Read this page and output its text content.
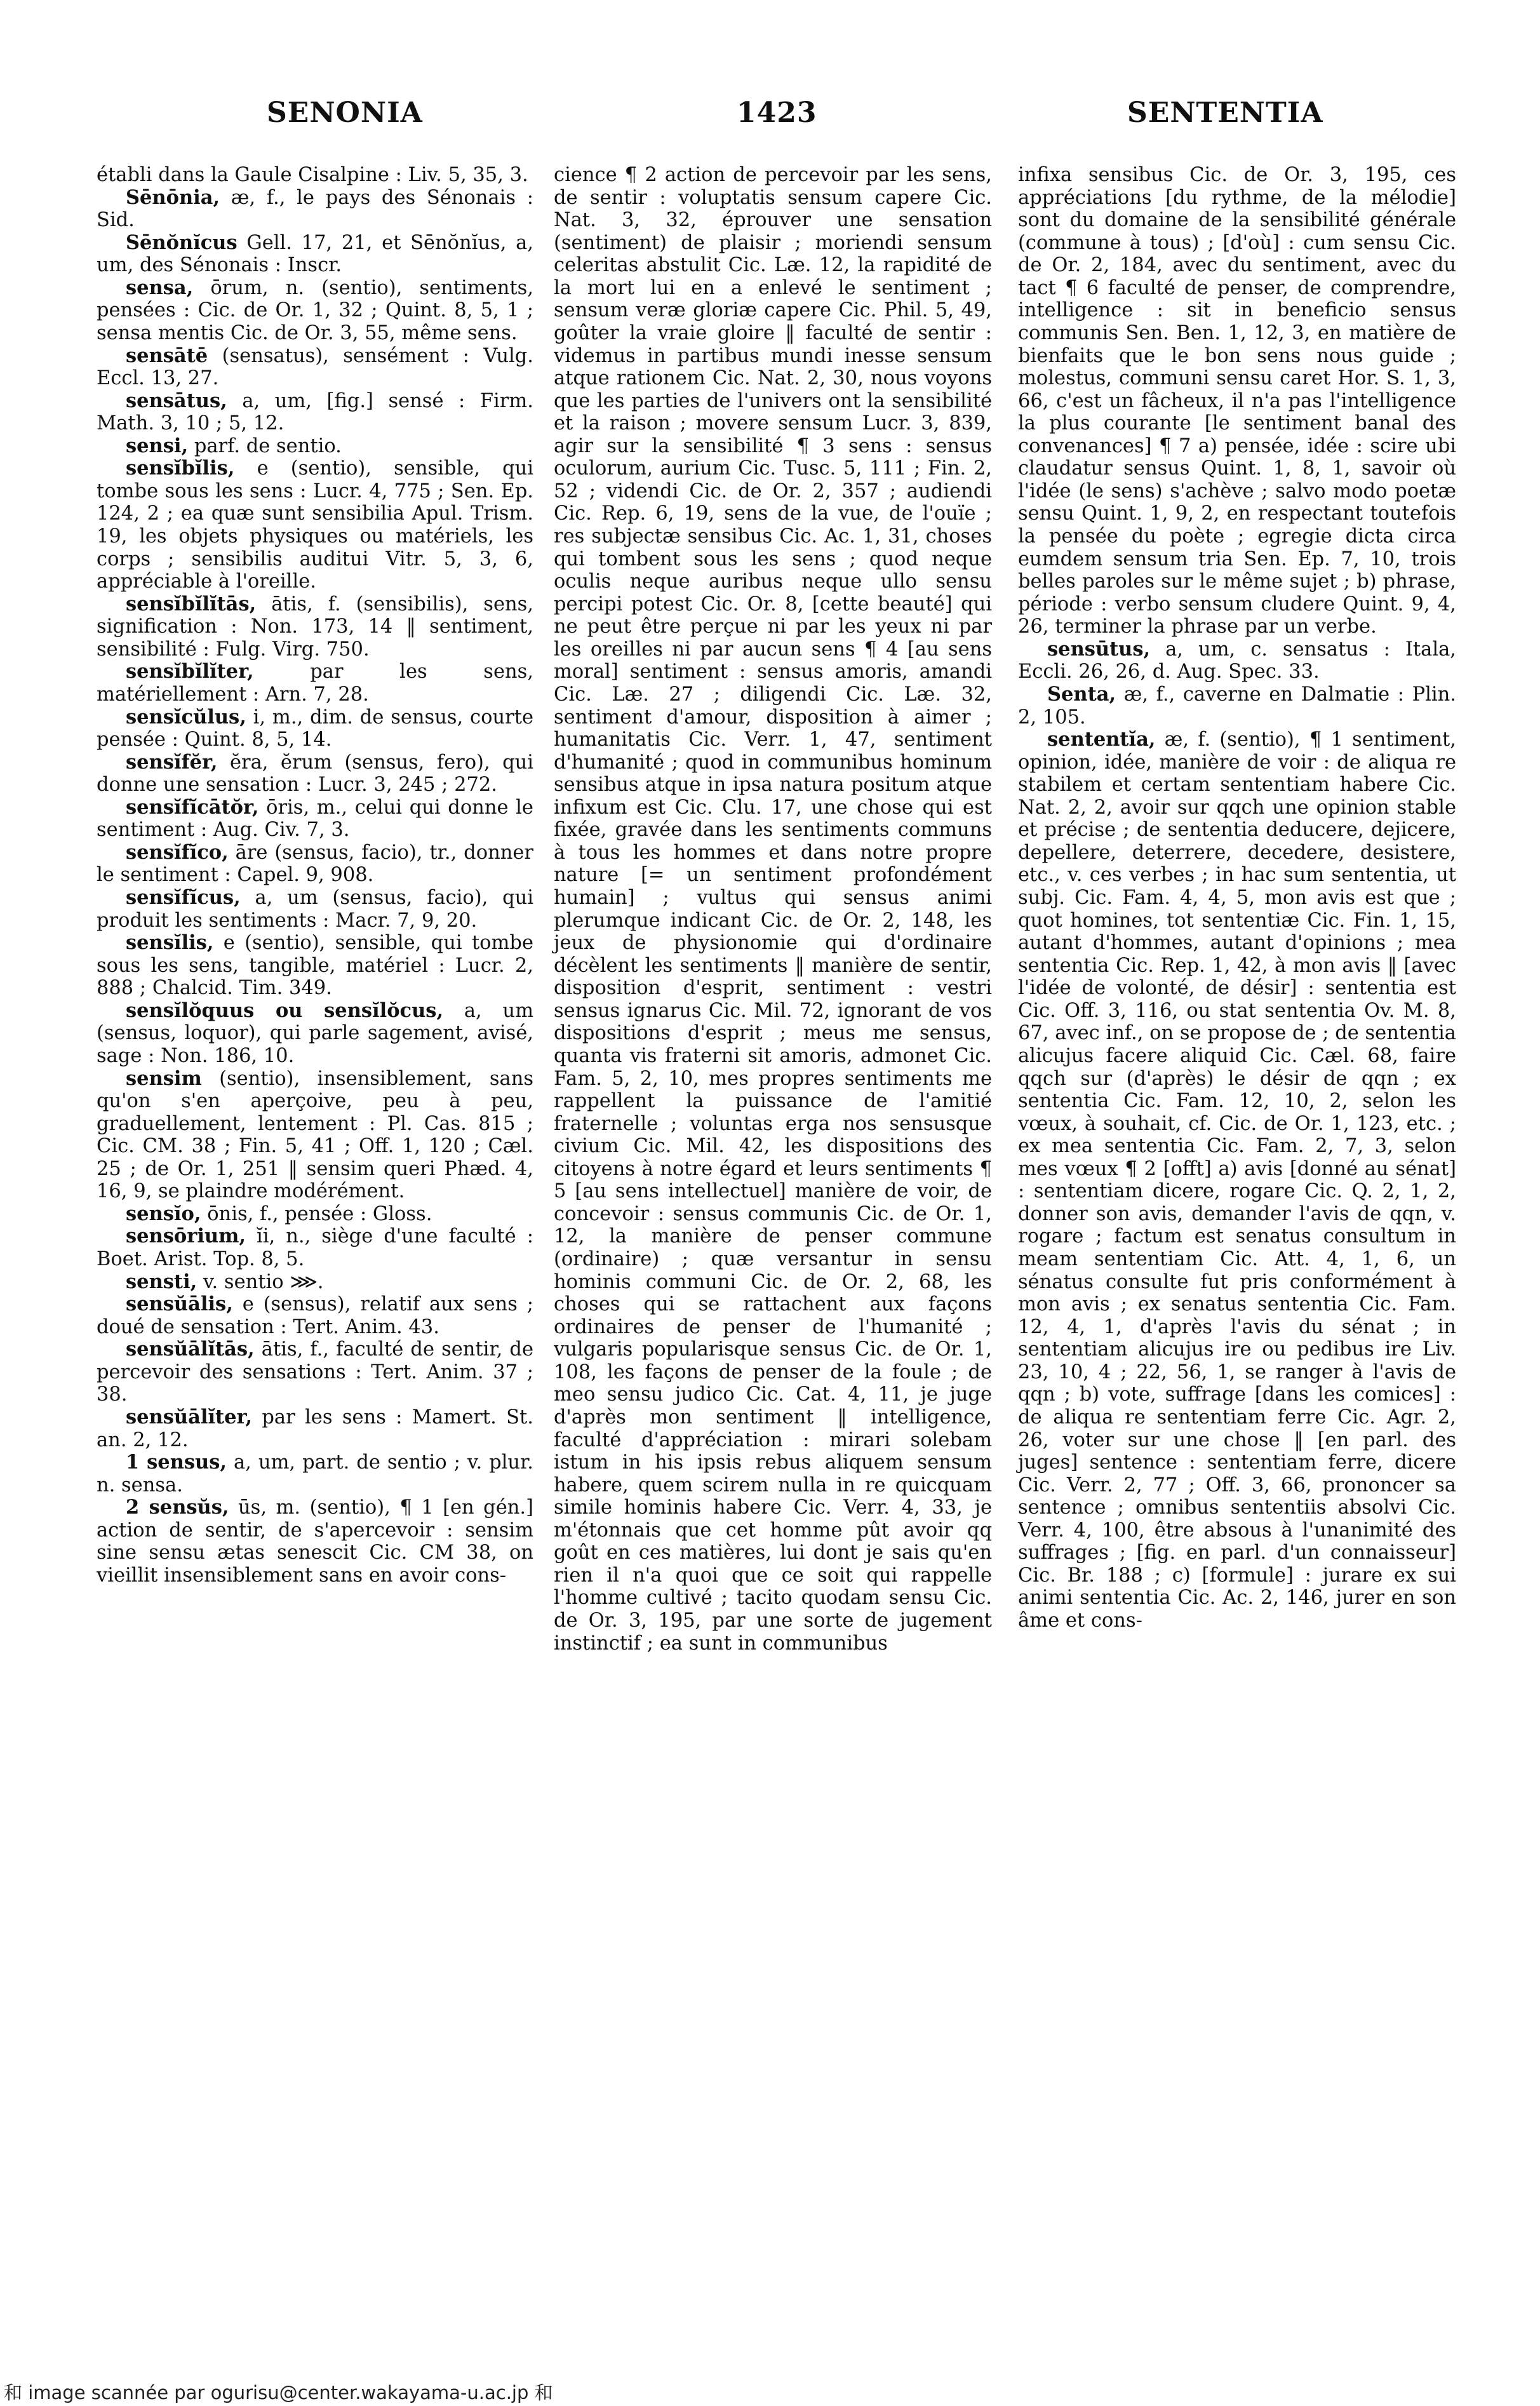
SENONIA	1423	SENTENTIA

établi dans la Gaule Cisalpine : Liv. 5, 35, 3.

Sēnōnia, æ, f., le pays des Sénonais : Sid.

Sēnŏnĭcus Gell. 17, 21, et Sēnŏnĭus, a, um, des Sénonais : Inscr.

sensa, ōrum, n. (sentio), sentiments, pensées : Cic. de Or. 1, 32 ; Quint. 8, 5, 1 ; sensa mentis Cic. de Or. 3, 55, même sens.

sensātē (sensatus), sensément : Vulg. Eccl. 13, 27.

sensātus, a, um, [fig.] sensé : Firm. Math. 3, 10 ; 5, 12.

sensi, parf. de sentio.

sensĭbĭlis, e (sentio), sensible, qui tombe sous les sens : Lucr. 4, 775 ; Sen. Ep. 124, 2 ; ea quæ sunt sensibilia Apul. Trism. 19, les objets physiques ou matériels, les corps ; sensibilis auditui Vitr. 5, 3, 6, appréciable à l'oreille.

sensĭbĭlĭtās, ātis, f. (sensibilis), sens, signification : Non. 173, 14 ‖ sentiment, sensibilité : Fulg. Virg. 750.

sensĭbĭlĭter,	par les sens, matériellement : Arn. 7, 28.

sensĭcŭlus, i, m., dim. de sensus, courte pensée : Quint. 8, 5, 14.

sensĭfĕr, ĕra, ĕrum (sensus, fero), qui donne une sensation : Lucr. 3, 245 ; 272.

sensĭfĭcātŏr, ōris, m., celui qui donne le sentiment : Aug. Civ. 7, 3.

sensĭfĭco, āre (sensus, facio), tr., donner le sentiment : Capel. 9, 908.

sensĭfĭcus, a, um (sensus, facio), qui produit les sentiments : Macr. 7, 9, 20.

sensĭlis, e (sentio), sensible, qui tombe sous les sens, tangible, matériel : Lucr. 2, 888 ; Chalcid. Tim. 349.

sensĭlŏquus ou sensĭlŏcus, a, um (sensus, loquor), qui parle sagement, avisé, sage : Non. 186, 10.

sensim (sentio), insensiblement, sans qu'on s'en aperçoive, peu à peu, graduellement, lentement : Pl. Cas. 815 ; Cic. CM. 38 ; Fin. 5, 41 ; Off. 1, 120 ; Cæl. 25 ; de Or. 1, 251 ‖ sensim queri Phæd. 4, 16, 9, se plaindre modérément.

sensĭo, ōnis, f., pensée : Gloss.

sensōrium, ĭi, n., siège d'une faculté : Boet. Arist. Top. 8, 5.

sensti, v. sentio ⋙.

sensŭālis, e (sensus), relatif aux sens ; doué de sensation : Tert. Anim. 43.

sensŭālĭtās, ātis, f., faculté de sentir, de percevoir des sensations : Tert. Anim. 37 ; 38.

sensŭālĭter, par les sens : Mamert. St. an. 2, 12.

1 sensus, a, um, part. de sentio ; v. plur. n. sensa.

2 sensŭs, ūs, m. (sentio), ¶ 1 [en gén.] action de sentir, de s'apercevoir : sensim sine sensu ætas senescit Cic. CM 38, on vieillit insensiblement sans en avoir cons-

cience ¶ 2 action de percevoir par les sens, de sentir : voluptatis sensum capere Cic. Nat. 3, 32, éprouver une sensation (sentiment) de plaisir ; moriendi sensum celeritas abstulit Cic. Læ. 12, la rapidité de la mort lui en a enlevé le sentiment ; sensum veræ gloriæ capere Cic. Phil. 5, 49, goûter la vraie gloire ‖ faculté de sentir : videmus in partibus mundi inesse sensum atque rationem Cic. Nat. 2, 30, nous voyons que les parties de l'univers ont la sensibilité et la raison ; movere sensum Lucr. 3, 839, agir sur la sensibilité ¶ 3 sens : sensus oculorum, aurium Cic. Tusc. 5, 111 ; Fin. 2, 52 ; videndi Cic. de Or. 2, 357 ; audiendi Cic. Rep. 6, 19, sens de la vue, de l'ouïe ; res subjectæ sensibus Cic. Ac. 1, 31, choses qui tombent sous les sens ; quod neque oculis neque auribus neque ullo sensu percipi potest Cic. Or. 8, [cette beauté] qui ne peut être perçue ni par les yeux ni par les oreilles ni par aucun sens ¶ 4 [au sens moral] sentiment : sensus amoris, amandi Cic. Læ. 27 ; diligendi Cic. Læ. 32, sentiment d'amour, disposition à aimer ; humanitatis Cic. Verr. 1, 47, sentiment d'humanité ; quod in communibus hominum sensibus atque in ipsa natura positum atque infixum est Cic. Clu. 17, une chose qui est fixée, gravée dans les sentiments communs à tous les hommes et dans notre propre nature [= un sentiment profondément humain] ; vultus qui sensus animi plerumque indicant Cic. de Or. 2, 148, les jeux de physionomie qui d'ordinaire décèlent les sentiments ‖ manière de sentir, disposition d'esprit, sentiment : vestri sensus ignarus Cic. Mil. 72, ignorant de vos dispositions d'esprit ; meus me sensus, quanta vis fraterni sit amoris, admonet Cic. Fam. 5, 2, 10, mes propres sentiments me rappellent la puissance de l'amitié fraternelle ; voluntas erga nos sensusque civium Cic. Mil. 42, les dispositions des citoyens à notre égard et leurs sentiments ¶ 5 [au sens intellectuel] manière de voir, de concevoir : sensus communis Cic. de Or. 1, 12, la manière de penser commune (ordinaire) ; quæ versantur in sensu hominis communi Cic. de Or. 2, 68, les choses qui se rattachent aux façons ordinaires de penser de l'humanité ; vulgaris popularisque sensus Cic. de Or. 1, 108, les façons de penser de la foule ; de meo sensu judico Cic. Cat. 4, 11, je juge d'après mon sentiment ‖ intelligence, faculté d'appréciation : mirari solebam istum in his ipsis rebus aliquem sensum habere, quem scirem nulla in re quicquam simile hominis habere Cic. Verr. 4, 33, je m'étonnais que cet homme pût avoir qq goût en ces matières, lui dont je sais qu'en rien il n'a quoi que ce soit qui rappelle l'homme cultivé ; tacito quodam sensu Cic. de Or. 3, 195, par une sorte de jugement instinctif ; ea sunt in communibus

infixa sensibus Cic. de Or. 3, 195, ces appréciations [du rythme, de la mélodie] sont du domaine de la sensibilité générale (commune à tous) ; [d'où] : cum sensu Cic. de Or. 2, 184, avec du sentiment, avec du tact ¶ 6 faculté de penser, de comprendre, intelligence : sit in beneficio sensus communis Sen. Ben. 1, 12, 3, en matière de bienfaits que le bon sens nous guide ; molestus, communi sensu caret Hor. S. 1, 3, 66, c'est un fâcheux, il n'a pas l'intelligence la plus courante [le sentiment banal des convenances] ¶ 7 a) pensée, idée : scire ubi claudatur sensus Quint. 1, 8, 1, savoir où l'idée (le sens) s'achève ; salvo modo poetæ sensu Quint. 1, 9, 2, en respectant toutefois la pensée du poète ; egregie dicta circa eumdem sensum tria Sen. Ep. 7, 10, trois belles paroles sur le même sujet ; b) phrase, période : verbo sensum cludere Quint. 9, 4, 26, terminer la phrase par un verbe.

sensūtus, a, um, c. sensatus : Itala, Eccli. 26, 26, d. Aug. Spec. 33.

Senta, æ, f., caverne en Dalmatie : Plin. 2, 105.

sententĭa, æ, f. (sentio), ¶ 1 sentiment, opinion, idée, manière de voir : de aliqua re stabilem et certam sententiam habere Cic. Nat. 2, 2, avoir sur qqch une opinion stable et précise ; de sententia deducere, dejicere, depellere, deterrere, decedere, desistere, etc., v. ces verbes ; in hac sum sententia, ut subj. Cic. Fam. 4, 4, 5, mon avis est que ; quot homines, tot sententiæ Cic. Fin. 1, 15, autant d'hommes, autant d'opinions ; mea sententia Cic. Rep. 1, 42, à mon avis ‖ [avec l'idée de volonté, de désir] : sententia est Cic. Off. 3, 116, ou stat sententia Ov. M. 8, 67, avec inf., on se propose de ; de sententia alicujus facere aliquid Cic. Cæl. 68, faire qqch sur (d'après) le désir de qqn ; ex sententia Cic. Fam. 12, 10, 2, selon les vœux, à souhait, cf. Cic. de Or. 1, 123, etc. ; ex mea sententia Cic. Fam. 2, 7, 3, selon mes vœux ¶ 2 [offt] a) avis [donné au sénat] : sententiam dicere, rogare Cic. Q. 2, 1, 2, donner son avis, demander l'avis de qqn, v. rogare ; factum est senatus consultum in meam sententiam Cic. Att. 4, 1, 6, un sénatus consulte fut pris conformément à mon avis ; ex senatus sententia Cic. Fam. 12, 4, 1, d'après l'avis du sénat ; in sententiam alicujus ire ou pedibus ire Liv. 23, 10, 4 ; 22, 56, 1, se ranger à l'avis de qqn ; b) vote, suffrage [dans les comices] : de aliqua re sententiam ferre Cic. Agr. 2, 26, voter sur une chose ‖ [en parl. des juges] sentence : sententiam ferre, dicere Cic. Verr. 2, 77 ; Off. 3, 66, prononcer sa sentence ; omnibus sententiis absolvi Cic. Verr. 4, 100, être absous à l'unanimité des suffrages ; [fig. en parl. d'un connaisseur] Cic. Br. 188 ; c) [formule] : jurare ex sui animi sententia Cic. Ac. 2, 146, jurer en son âme et cons-

和 image scannée par ogurisu@center.wakayama-u.ac.jp 和
